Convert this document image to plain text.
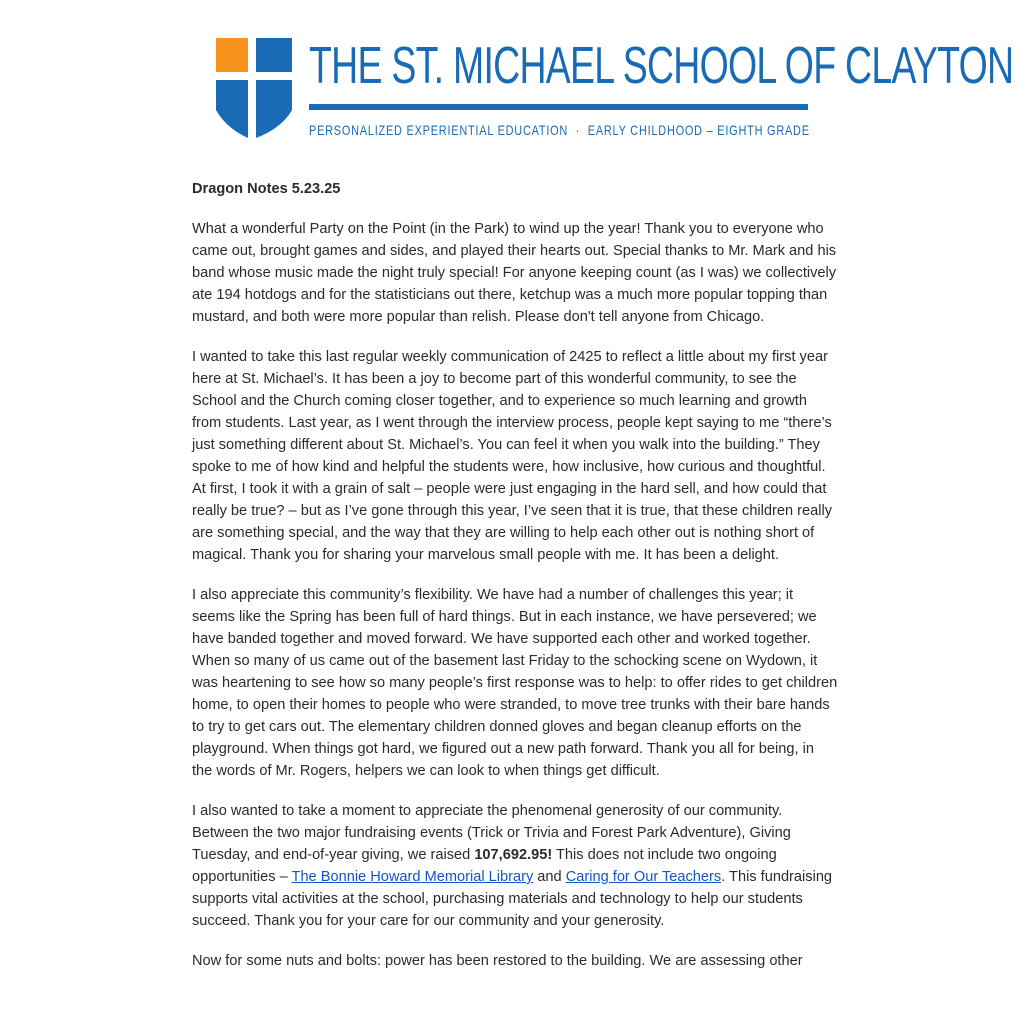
THE ST. MICHAEL SCHOOL OF CLAYTON
PERSONALIZED EXPERIENTIAL EDUCATION  ·  EARLY CHILDHOOD – EIGHTH GRADE
Dragon Notes 5.23.25

What a wonderful Party on the Point (in the Park) to wind up the year! Thank you to everyone who came out, brought games and sides, and played their hearts out. Special thanks to Mr. Mark and his band whose music made the night truly special! For anyone keeping count (as I was) we collectively ate 194 hotdogs and for the statisticians out there, ketchup was a much more popular topping than mustard, and both were more popular than relish. Please don't tell anyone from Chicago.

I wanted to take this last regular weekly communication of 2425 to reflect a little about my first year here at St. Michael’s. It has been a joy to become part of this wonderful community, to see the School and the Church coming closer together, and to experience so much learning and growth from students. Last year, as I went through the interview process, people kept saying to me “there’s just something different about St. Michael’s. You can feel it when you walk into the building.” They spoke to me of how kind and helpful the students were, how inclusive, how curious and thoughtful. At first, I took it with a grain of salt – people were just engaging in the hard sell, and how could that really be true? – but as I’ve gone through this year, I’ve seen that it is true, that these children really are something special, and the way that they are willing to help each other out is nothing short of magical. Thank you for sharing your marvelous small people with me. It has been a delight.

I also appreciate this community’s flexibility. We have had a number of challenges this year; it seems like the Spring has been full of hard things. But in each instance, we have persevered; we have banded together and moved forward. We have supported each other and worked together. When so many of us came out of the basement last Friday to the schocking scene on Wydown, it was heartening to see how so many people’s first response was to help: to offer rides to get children home, to open their homes to people who were stranded, to move tree trunks with their bare hands to try to get cars out. The elementary children donned gloves and began cleanup efforts on the playground. When things got hard, we figured out a new path forward. Thank you all for being, in the words of Mr. Rogers, helpers we can look to when things get difficult.

I also wanted to take a moment to appreciate the phenomenal generosity of our community. Between the two major fundraising events (Trick or Trivia and Forest Park Adventure), Giving Tuesday, and end-of-year giving, we raised 107,692.95! This does not include two ongoing opportunities – The Bonnie Howard Memorial Library and Caring for Our Teachers. This fundraising supports vital activities at the school, purchasing materials and technology to help our students succeed. Thank you for your care for our community and your generosity.

Now for some nuts and bolts: power has been restored to the building. We are assessing other
